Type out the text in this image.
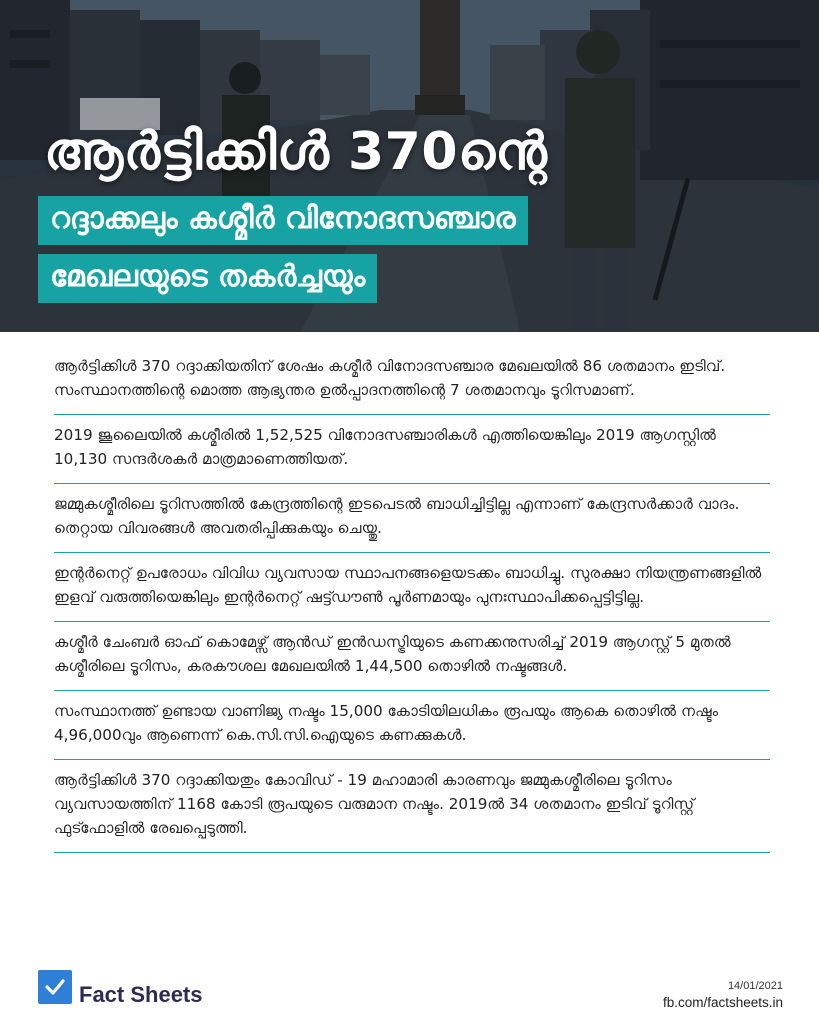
ആർട്ടിക്കിൾ 370ന്റെ
റദ്ദാക്കലും കശ്മീർ വിനോദസഞ്ചാര
മേഖലയുടെ തകർച്ചയും

ആർട്ടിക്കിൾ 370 റദ്ദാക്കിയതിന് ശേഷം കശ്മീർ വിനോദസഞ്ചാര മേഖലയിൽ 86 ശതമാനം ഇടിവ്. സംസ്ഥാനത്തിന്റെ മൊത്ത ആഭ്യന്തര ഉൽപ്പാദനത്തിന്റെ 7 ശതമാനവും ടൂറിസമാണ്.

2019 ജൂലൈയിൽ കശ്മീരിൽ 1,52,525 വിനോദസഞ്ചാരികൾ എത്തിയെങ്കിലും 2019 ആഗസ്റ്റിൽ 10,130 സന്ദർശകർ മാത്രമാണെത്തിയത്.

ജമ്മുകശ്മീരിലെ ടൂറിസത്തിൽ കേന്ദ്രത്തിന്റെ ഇടപെടൽ ബാധിച്ചിട്ടില്ല എന്നാണ് കേന്ദ്രസർക്കാർ വാദം. തെറ്റായ വിവരങ്ങൾ അവതരിപ്പിക്കുകയും ചെയ്തു.

ഇന്റർനെറ്റ് ഉപരോധം വിവിധ വ്യവസായ സ്ഥാപനങ്ങളെയടക്കം ബാധിച്ചു. സുരക്ഷാ നിയന്ത്രണങ്ങളിൽ ഇളവ് വരുത്തിയെങ്കിലും ഇന്റർനെറ്റ് ഷട്ട്ഡൗൺ പൂർണമായും പുനഃസ്ഥാപിക്കപ്പെട്ടിട്ടില്ല.

കശ്മീർ ചേംബർ ഓഫ് കൊമേഴ്സ് ആൻഡ് ഇൻഡസ്ട്രിയുടെ കണക്കനുസരിച്ച് 2019 ആഗസ്റ്റ് 5 മുതൽ കശ്മീരിലെ ടൂറിസം, കരകൗശല മേഖലയിൽ 1,44,500 തൊഴിൽ നഷ്ടങ്ങൾ.

സംസ്ഥാനത്ത് ഉണ്ടായ വാണിജ്യ നഷ്ടം 15,000 കോടിയിലധികം രൂപയും ആകെ തൊഴിൽ നഷ്ടം 4,96,000വും ആണെന്ന് കെ.സി.സി.ഐയുടെ കണക്കുകൾ.

ആർട്ടിക്കിൾ 370 റദ്ദാക്കിയതും കോവിഡ് - 19 മഹാമാരി കാരണവും ജമ്മുകശ്മീരിലെ ടൂറിസം വ്യവസായത്തിന് 1168 കോടി രൂപയുടെ വരുമാന നഷ്ടം. 2019ൽ 34 ശതമാനം ഇടിവ് ടൂറിസ്റ്റ് ഫുട്ഫോളിൽ രേഖപ്പെടുത്തി.

Fact Sheets	14/01/2021
fb.com/factsheets.in
